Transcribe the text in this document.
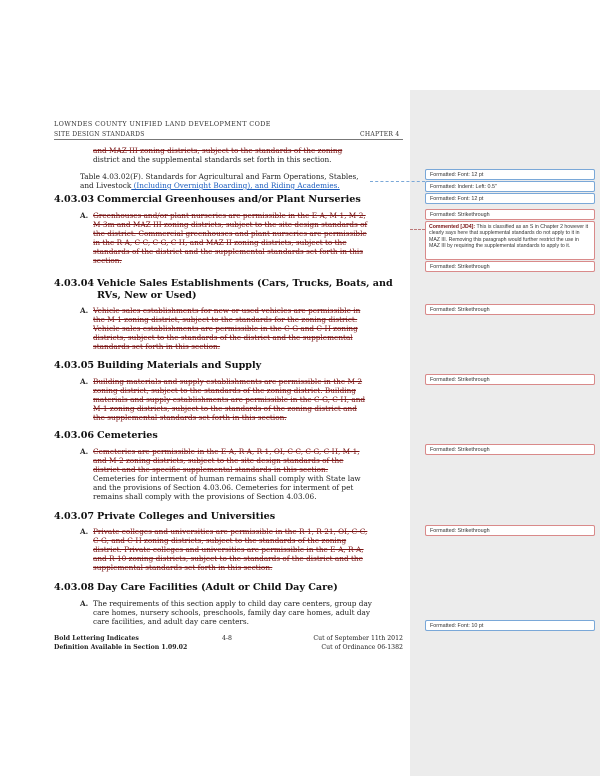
LOWNDES COUNTY UNIFIED LAND DEVELOPMENT CODE
SITE DESIGN STANDARDS	CHAPTER 4
and MAZ III zoning districts, subject to the standards of the zoning
district and the supplemental standards set forth in this section.
Table 4.03.02(F). Standards for Agricultural and Farm Operations, Stables,
and Livestock (Including Overnight Boarding), and Riding Academies.
4.03.03 Commercial Greenhouses and/or Plant Nurseries
A. Greenhouses and/or plant nurseries are permissible in the E-A, M-1, M-2,
M-3m and MAZ III zoning districts, subject to the site design standards of
the district. Commercial greenhouses and plant nurseries are permissible
in the R-A, C-C, C-G, C-H, and MAZ II zoning districts, subject to the
standards of the district and the supplemental standards set forth in this
section.
4.03.04 Vehicle Sales Establishments (Cars, Trucks, Boats, and
RVs, New or Used)
A. Vehicle sales establishments for new or used vehicles are permissible in
the M-1 zoning district, subject to the standards for the zoning district.
Vehicle sales establishments are permissible in the C-G and C-H zoning
districts, subject to the standards of the district and the supplemental
standards set forth in this section.
4.03.05 Building Materials and Supply
A. Building materials and supply establishments are permissible in the M-2
zoning district, subject to the standards of the zoning district. Building
materials and supply establishments are permissible in the C-G, C-H, and
M-1 zoning districts, subject to the standards of the zoning district and
the supplemental standards set forth in this section.
4.03.06 Cemeteries
A. Cemeteries are permissible in the E-A, R-A, R-1, OI, C-C, C-G, C-H, M-1,
and M-2 zoning districts, subject to the site design standards of the
district and the specific supplemental standards in this section.
Cemeteries for interment of human remains shall comply with State law
and the provisions of Section 4.03.06. Cemeteries for interment of pet
remains shall comply with the provisions of Section 4.03.06.
4.03.07 Private Colleges and Universities
A. Private colleges and universities are permissible in the R-1, R-21, OI, C-C,
C-G, and C-H zoning districts, subject to the standards of the zoning
district. Private colleges and universities are permissible in the E-A, R-A,
and R-10 zoning districts, subject to the standards of the district and the
supplemental standards set forth in this section.
4.03.08 Day Care Facilities (Adult or Child Day Care)
A. The requirements of this section apply to child day care centers, group day
care homes, nursery schools, preschools, family day care homes, adult day
care facilities, and adult day care centers.
Bold Lettering Indicates
Definition Available in Section 1.09.02
4-8	Cut of September 11th 2012
Cut of Ordinance 06-1382
Formatted: Font: 12 pt
Formatted: Indent: Left: 0.5"
Formatted: Font: 12 pt
Formatted: Strikethrough
Commented [JD4]: This is classified as an S in Chapter 2 however it clearly says here that supplemental standards do not apply to it in MAZ III. Removing this paragraph would further restrict the use in MAZ III by requiring the supplemental standards to apply to it.
Formatted: Strikethrough
Formatted: Strikethrough
Formatted: Strikethrough
Formatted: Strikethrough
Formatted: Strikethrough
Formatted: Font: 10 pt
